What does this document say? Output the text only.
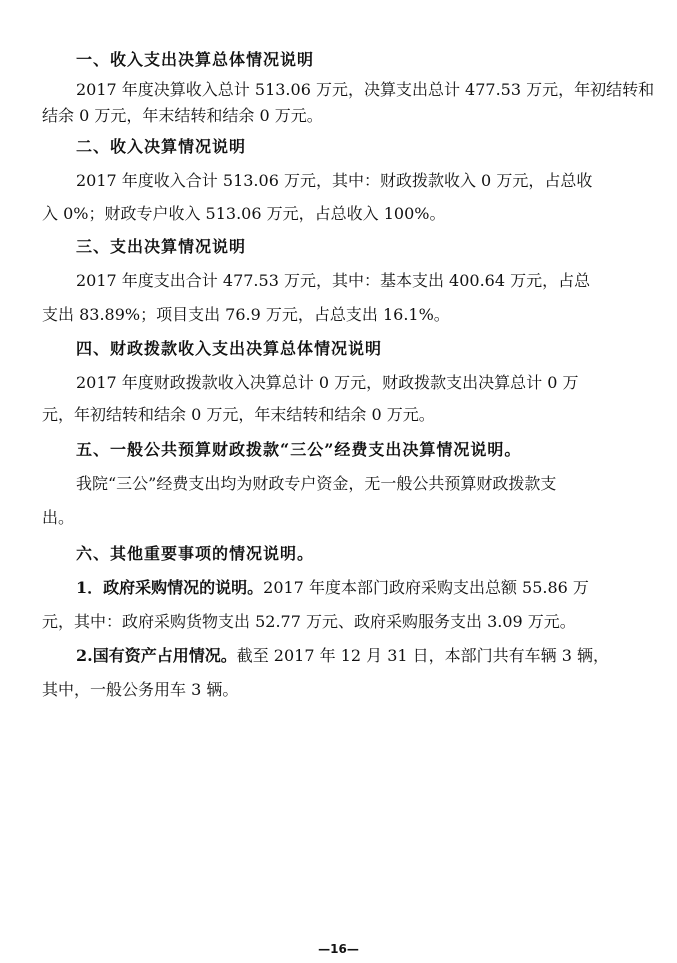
一、收入支出决算总体情况说明
2017 年度决算收入总计 513.06 万元，决算支出总计 477.53 万元，年初结转和
结余 0 万元，年末结转和结余 0 万元。
二、收入决算情况说明
2017 年度收入合计 513.06 万元，其中：财政拨款收入 0 万元，占总收
入 0%；财政专户收入 513.06 万元，占总收入 100%。
三、支出决算情况说明
2017 年度支出合计 477.53 万元，其中：基本支出 400.64 万元，占总
支出 83.89%；项目支出 76.9 万元，占总支出 16.1%。
四、财政拨款收入支出决算总体情况说明
2017 年度财政拨款收入决算总计 0 万元，财政拨款支出决算总计 0 万
元，年初结转和结余 0 万元，年末结转和结余 0 万元。
五、一般公共预算财政拨款“三公”经费支出决算情况说明。
我院“三公”经费支出均为财政专户资金，无一般公共预算财政拨款支
出。
六、其他重要事项的情况说明。
1．政府采购情况的说明。2017 年度本部门政府采购支出总额 55.86 万
元，其中：政府采购货物支出 52.77 万元、政府采购服务支出 3.09 万元。
2.国有资产占用情况。截至 2017 年 12 月 31 日，本部门共有车辆 3 辆，
其中，一般公务用车 3 辆。
—16—
